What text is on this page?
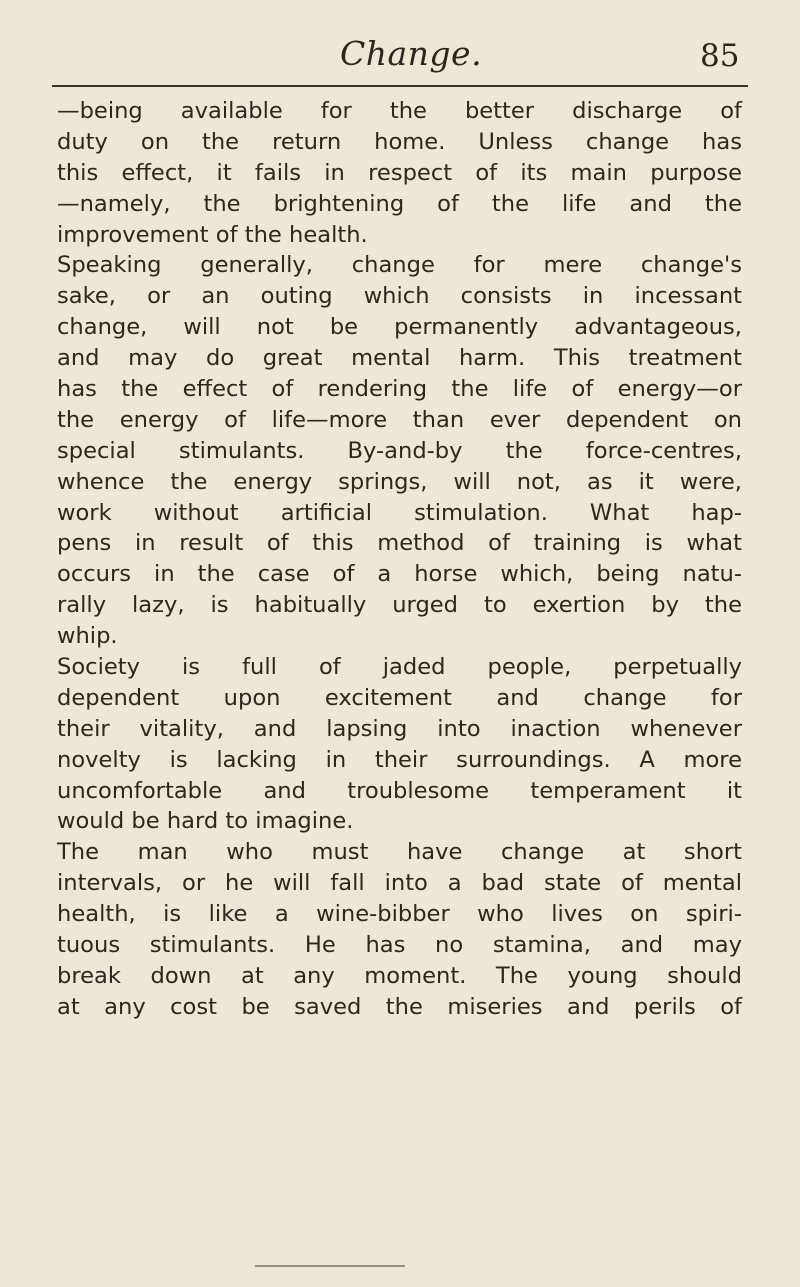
Change.	85
—being available for the better discharge of
duty on the return home. Unless change has
this effect, it fails in respect of its main purpose
—namely, the brightening of the life and the
improvement of the health.
Speaking generally, change for mere change's
sake, or an outing which consists in incessant
change, will not be permanently advantageous,
and may do great mental harm. This treatment
has the effect of rendering the life of energy—or
the energy of life—more than ever dependent on
special stimulants. By-and-by the force-centres,
whence the energy springs, will not, as it were,
work without artificial stimulation. What hap-
pens in result of this method of training is what
occurs in the case of a horse which, being natu-
rally lazy, is habitually urged to exertion by the
whip.
Society is full of jaded people, perpetually
dependent upon excitement and change for
their vitality, and lapsing into inaction whenever
novelty is lacking in their surroundings. A more
uncomfortable and troublesome temperament it
would be hard to imagine.
The man who must have change at short
intervals, or he will fall into a bad state of mental
health, is like a wine-bibber who lives on spiri-
tuous stimulants. He has no stamina, and may
break down at any moment. The young should
at any cost be saved the miseries and perils of
